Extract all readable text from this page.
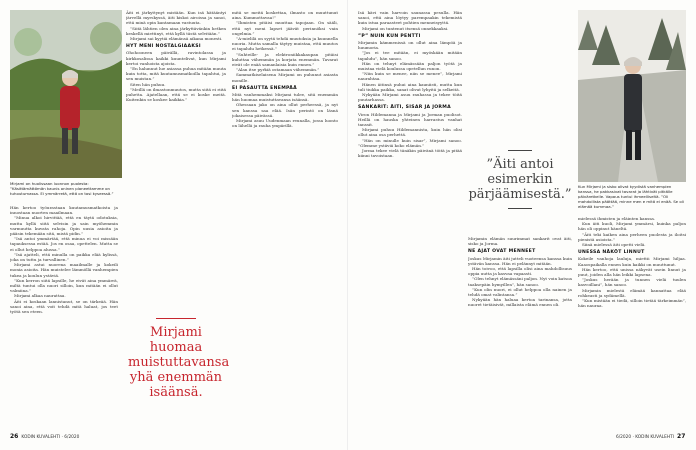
Mirjami on huolissaan luonnon puolesta: ”Käsittämättömän kaunis oninen planeettamme on tuhoutumassa. Ei ymmärretä, että on tosi kyseessä.”

Hän kertoo työurastaan kuutamusmatkoista ja innostaan nuorten maailmaan.

”Minua alkoi hirvittää, että en täytä odotuksia, mutta kyllä siitä selvisin ja sain myöhemmin varmuutta kuvata rahoja. Opin uusia asioita ja pääsin tekemään sitä, mistä pidin.”

”Isä antoi ymmärtää, että minua ei voi missään tapauksessa estää. Jos en osaa, opettelen. Mutta se ei ollut helppoa alussa.”

”Isä ajatteli, että minulla on paikka elää kylissä, joka on tuttu ja turvallinen.”

Mirjami astui nuorena maailmalle ja kokeili monia asioita. Hän muistelee lämmöllä vanhempien tukea ja koulun ystäviä.

”Kun kerron siitä lapsille, he eivät aina ymmärrä, miltä tuntui olla nuori silloin, kun mitään ei ollut valmiina.”

Mirjami alkaa naurattaa.

Äiti ei koskaan lannistanut, se on tärkeää. Hän sanoi aina, että voit tehdä mitä haluat, jos teet työtä sen eteen.

Äiti ei järkyttynyt mistään. Kun isä hätääntyi järvellä myrskyssä, äiti kiskoi airoissa ja sanoi, että minä opin kantamaan vastuuta.

”Siitä lähtien olen aina järkyttävänkin hetken keskellä miettinyt, että kyllä tästä selvitään.”

Mirjami sai kyytiä elämänsä aikana monesti.

HYT MENI NOSTALGIAAKSI

Ohohooneen päivällä, ravintolassa ja kirkkosalissa kaikki kuuntelivat, kun Mirjami kertoi vanhoista ajoista.

”En halunnut lue asiassa puhua mitään muuta kuin totta, mitä kuutamusmatkoilla tapahtui, ja sen muistan.”

Siten hän puhuu.

”Meillä on ilmastonmuutos, mutta siitä ei riitä puhetta. Ajatellaan, että se ei koske meitä. Kuitenkin se koskee kaikkia.”

Mirjami huomaa muistuttavansa yhä enemmän isäänsä.

mitä se meitä koskettaa, ilmasto on muuttunut aina. Kummottavaa!”

”Ihmisten pitäisi muuttaa tapojaan. On sääli, että nyt meni lapset jäävät perinnöksi vain ongelmia.”

”A-mielilä on syytä tehdä muutoksia ja kuunnella nuoria. Mutta samalla täytyy muistaa, että muutos ei tapahdu hetkessä.”

”Suhteille- ja elektroniikkakaupan pitäisi kuluttaa vähemmän ja korjata enemmän. Tavarat eivät ole enää samanlaisia kuin ennen.”

”Alan itse pyrkiä ostamaan vähemmän.”

Sammatkiselaisena Mirjami on puhunut asiasta monille.

EI PASAUTTA ENEMPÄÄ

Mitä vanhemmaksi Mirjami tulee, sitä enemmän hän huomaa muistuttavansa isäänsä.

Ohessaan jako on aina ollut perheessä, ja nyt sen kanssa saa elää. Isän perintö on läsnä jokaisessa päivässä.

Mirjami asuu Uudenmaan reunalla, jossa luonto on lähellä ja rauha ympärillä.

26 KODIN KUVALEHTI · 6/2020

Isä kävi vain harvoin saunassa pesulla. Hän sanoi, että aina löytyy parempaakin tekemistä kuin istua paraasteet pohtien menneisyyttä.

Mirjami on tuntenut itsensä onnekkaaksi.

”P” NUIN KUN PENTTI

Mirjamin kämmenissä on ollut aina lämpöä ja huumoria.

”Jos ei tee mitään, ei myöskään mitään tapahdu”, hän sanoo.

Hän on tehnyt elämässään paljon työtä ja muistaa vielä koulussa opetellun runon.

”Niin kuin se menee, niin se menee”, Mirjami naurahtaa.

Hänen äitinsä puhui aina kauniisti, mutta kun tuli tiukka paikka, sanat olivat lyhyitä ja selkeitä.

Nykyään Mirjami asuu rauhassa ja tekee töitä puutarhassa.

SANKARIT: ÄITI, SISAR JA JORMA

Viron Hildemanna ja Mirjami ja Jorman puolisot. Heillä on hauska yhteinen harrastus vanhat tanssit.

Mirjami puhuu Hildemannista, kuin hän olisi ollut aina osa perhettä.

”Hän on minulle kuin sisar”, Mirjami sanoo. ”Olemme ystäviä koko elämän.”

Jorma tekee vielä tänäkin päivänä töitä ja pitää kiinni tavoistaan.

”Äiti antoi esimerkin pärjäämisestä.”

Mirjamin elämän suurimmat sankarit ovat äiti, sisko ja Jorma.

NE AJAT OVAT MENNEET

Joskus Mirjamin äiti jutteli vuoteensa kanssa kuin ystävän kanssa. Hän ei pelännyt mitään.

Hän toivoo, että lapsilla olisi aina mahdollisuus oppia uutta ja kasvaa vapaasti.

”Olen tehnyt elämässäni paljon. Nyt voin katsoa taaksepäin hymyillen”, hän sanoo.

”Kun olin nuori, ei ollut helppoa olla nainen ja tehdä omat valintansa.”

Nykyään hän haluaa kertoa tarinansa, jotta nuoret tietäisivät, millaista elämä ennen oli.

Kun Mirjami ja sisko olivat kyydistä vanhempien kanssa, he pakkasivat tavarat ja lähtivät pitkälle päiväretkelle. Vapaus tuntui ihmeelliseltä. ”Oli mahdollista päättää, minne men e mitä ei enää. Se oli elämää kummaa.”

mielessä ihmisten ja eläinten kanssa.

Kun äiti kuoli, Mirjami ymmärsi, kuinka paljon hän oli oppinut häneltä.

”Äiti teki kaiken aina perheen puolesta ja iloitsi pienistä asioista.”

Siinä mielessä äiti opetti vielä.

UNESSA NÄKÖT LINNUT

Kokeile vanhoja lauluja, miettii Mirjami hiljaa. Kaaospaikalla ennen kuin kaikki on muuttunut.

Hän kertoo, että unissa näkyvät usein linnut ja puut, joiden alla hän leikki lapsena.

”Joskus herään ja tunnen vielä tuulen kasvoillani”, hän sanoo.

Mirjamin mielestä elämää kannattaa elää rohkeasti ja sydämellä.

”Kun mistään ei tiedä, silloin tietää tärkeimmän”, hän nauraa.

6/2020 · KODIN KUVALEHTI 27
